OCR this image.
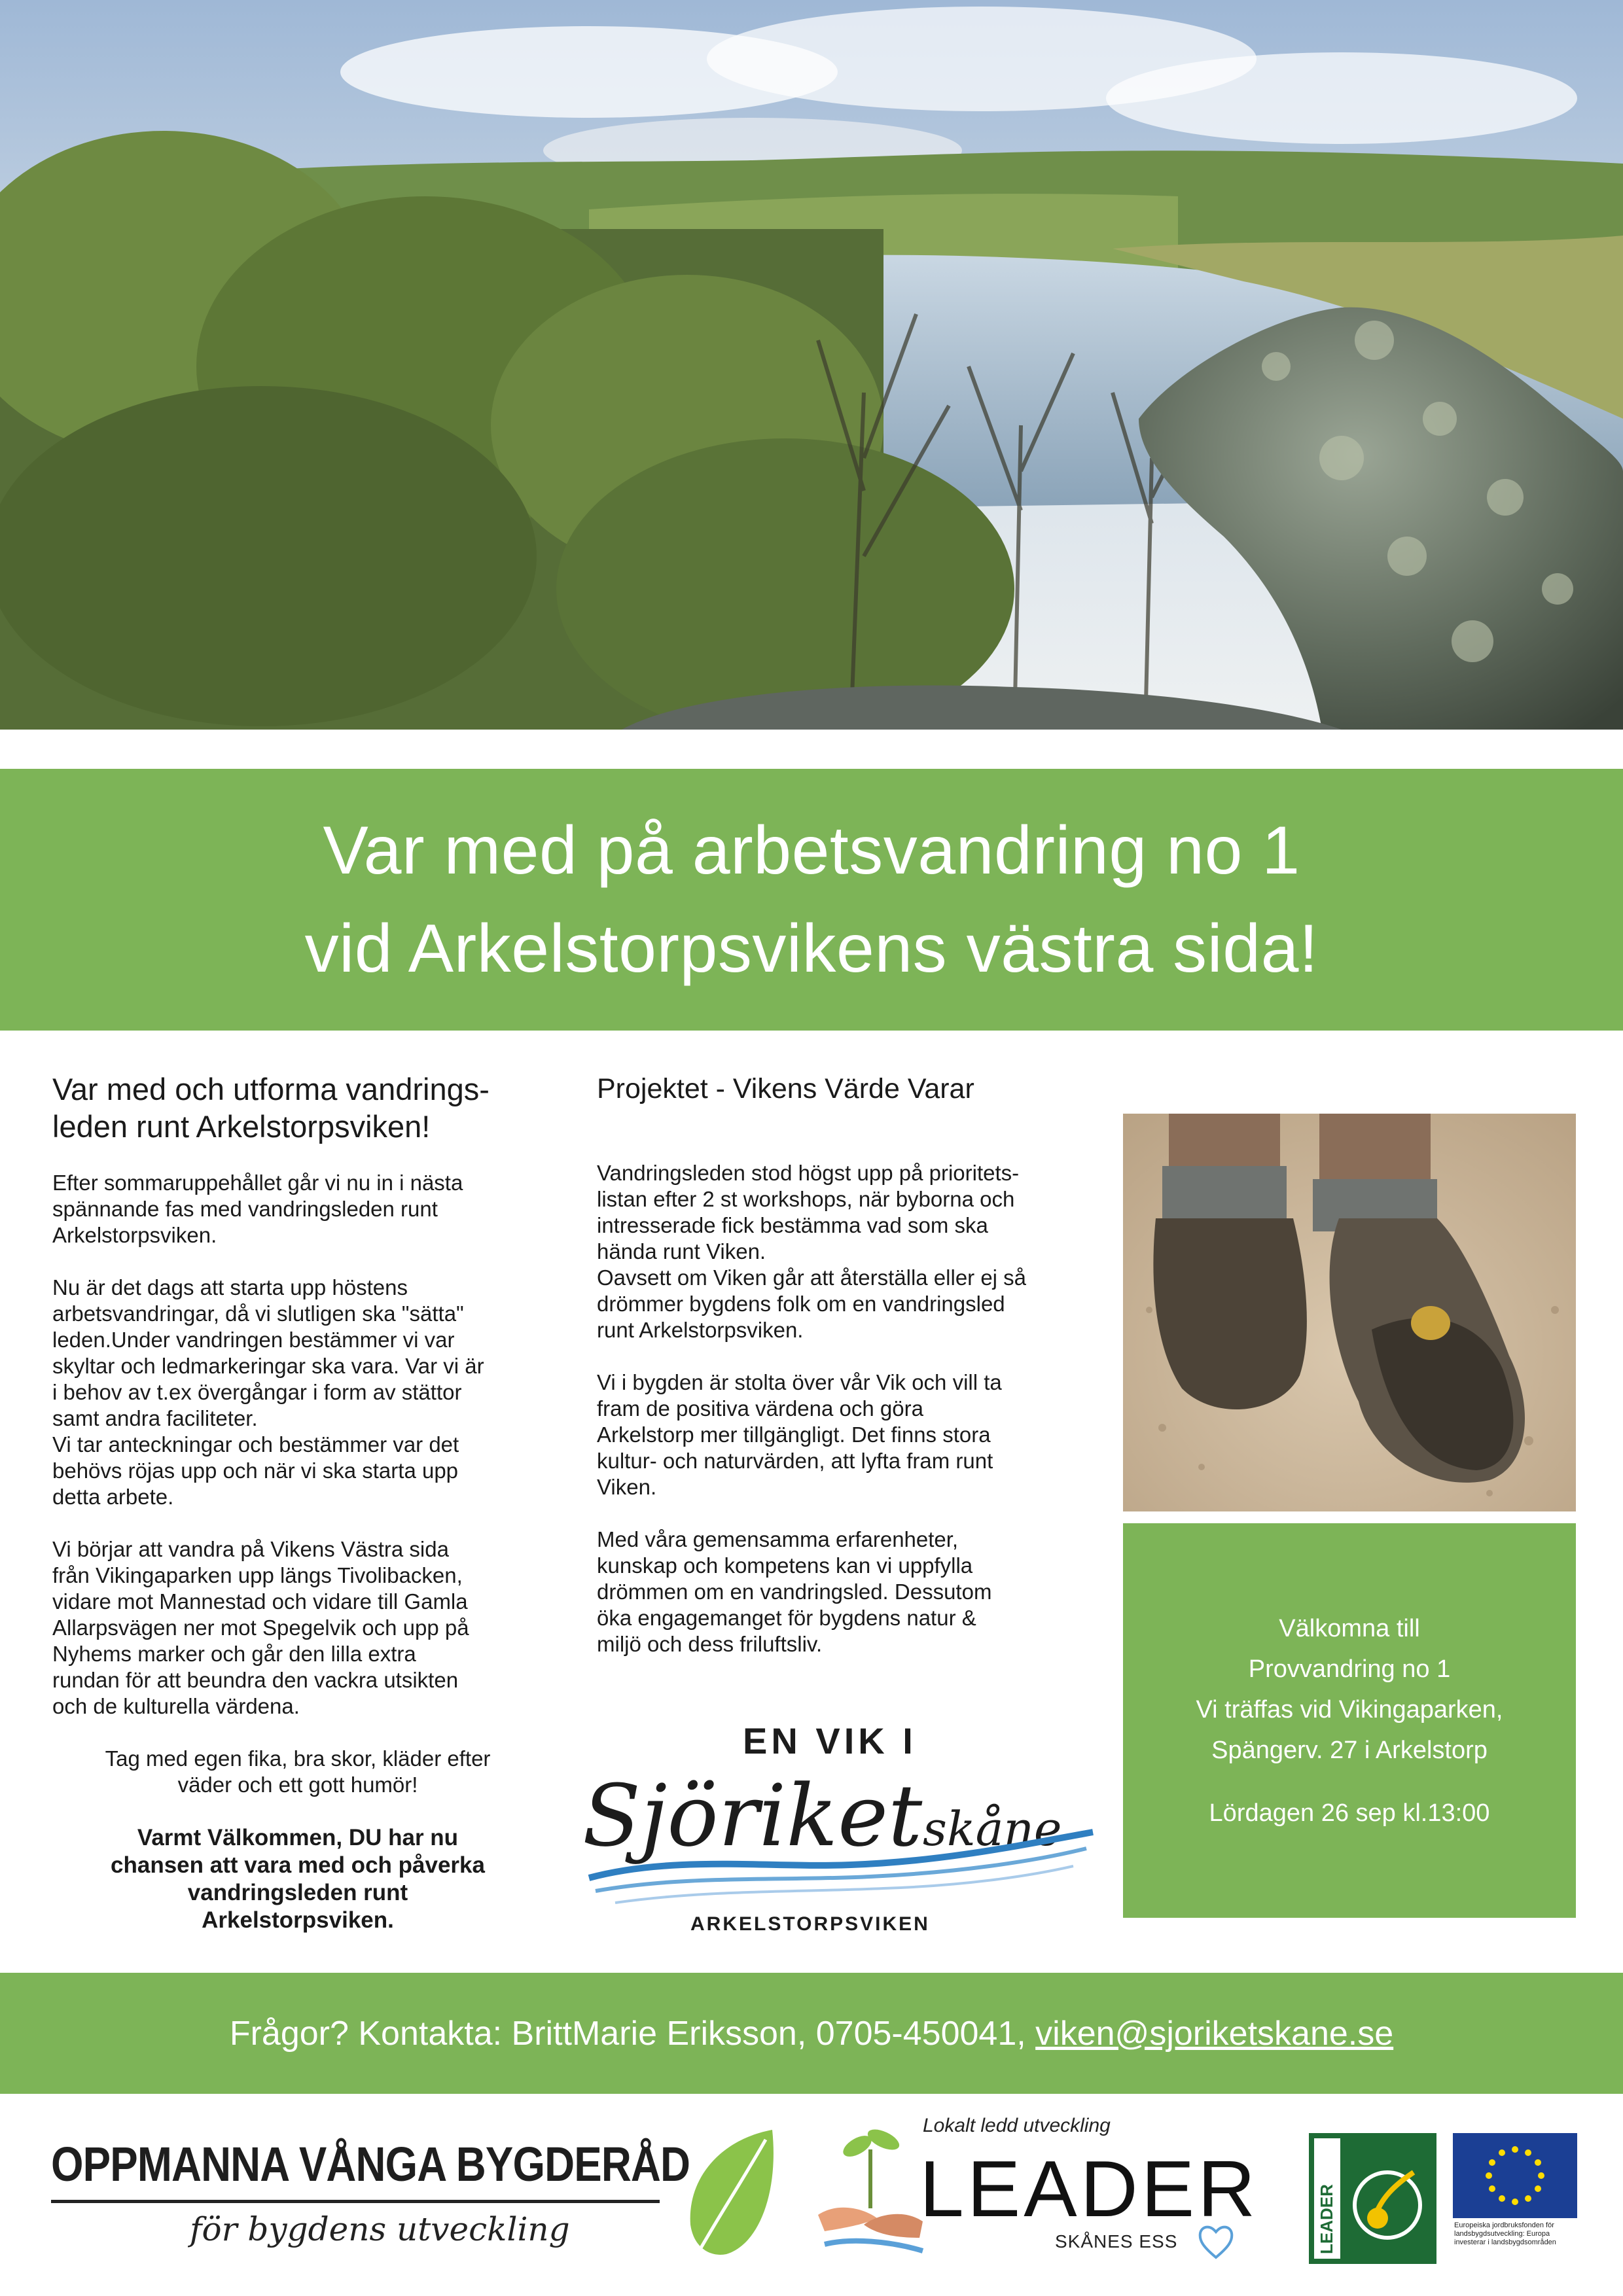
Var med på arbetsvandring no 1
vid Arkelstorpsvikens västra sida!
Var med och utforma vandrings-
leden runt Arkelstorpsviken!
Efter sommaruppehållet går vi nu in i nästa
spännande fas med vandringsleden runt
Arkelstorpsviken.
Nu är det dags att starta upp höstens
arbetsvandringar, då vi slutligen ska "sätta"
leden.Under vandringen bestämmer vi var
skyltar och ledmarkeringar ska vara. Var vi är
i behov av t.ex övergångar i form av stättor
samt andra faciliteter.
Vi tar anteckningar och bestämmer var det
behövs röjas upp och när vi ska starta upp
detta arbete.
Vi börjar att vandra på Vikens Västra sida
från Vikingaparken upp längs Tivolibacken,
vidare mot Mannestad och vidare till Gamla
Allarpsvägen ner mot Spegelvik och upp på
Nyhems marker och går den lilla extra
rundan för att beundra den vackra utsikten
och de kulturella värdena.
Tag med egen fika, bra skor, kläder efter
väder och ett gott humör!
Varmt Välkommen, DU har nu
chansen att vara med och påverka
vandringsleden runt
Arkelstorpsviken.
Projektet - Vikens Värde Varar
Vandringsleden stod högst upp på prioritets-
listan efter 2 st workshops, när byborna och
intresserade fick bestämma vad som ska
hända runt Viken.
Oavsett om Viken går att återställa eller ej så
drömmer bygdens folk om en vandringsled
runt Arkelstorpsviken.
Vi i bygden är stolta över vår Vik och vill ta
fram de positiva värdena och göra
Arkelstorp mer tillgängligt. Det finns stora
kultur- och naturvärden, att lyfta fram runt
Viken.
Med våra gemensamma erfarenheter,
kunskap och kompetens kan vi uppfylla
drömmen om en vandringsled. Dessutom
öka engagemanget för bygdens natur &
miljö och dess friluftsliv.
EN VIK I
Sjöriket skåne
ARKELSTORPSVIKEN
Välkomna till
Provvandring no 1
Vi träffas vid Vikingaparken,
Spängerv. 27 i Arkelstorp
Lördagen 26 sep kl.13:00
Frågor? Kontakta: BrittMarie Eriksson, 0705-450041, viken@sjoriketskane.se
OPPMANNA VÅNGA BYGDERÅD
för bygdens utveckling
Lokalt ledd utveckling
LEADER
SKÅNES ESS	LEADER	Europeiska jordbruksfonden för landsbygdsutveckling: Europa investerar i landsbygdsområden
